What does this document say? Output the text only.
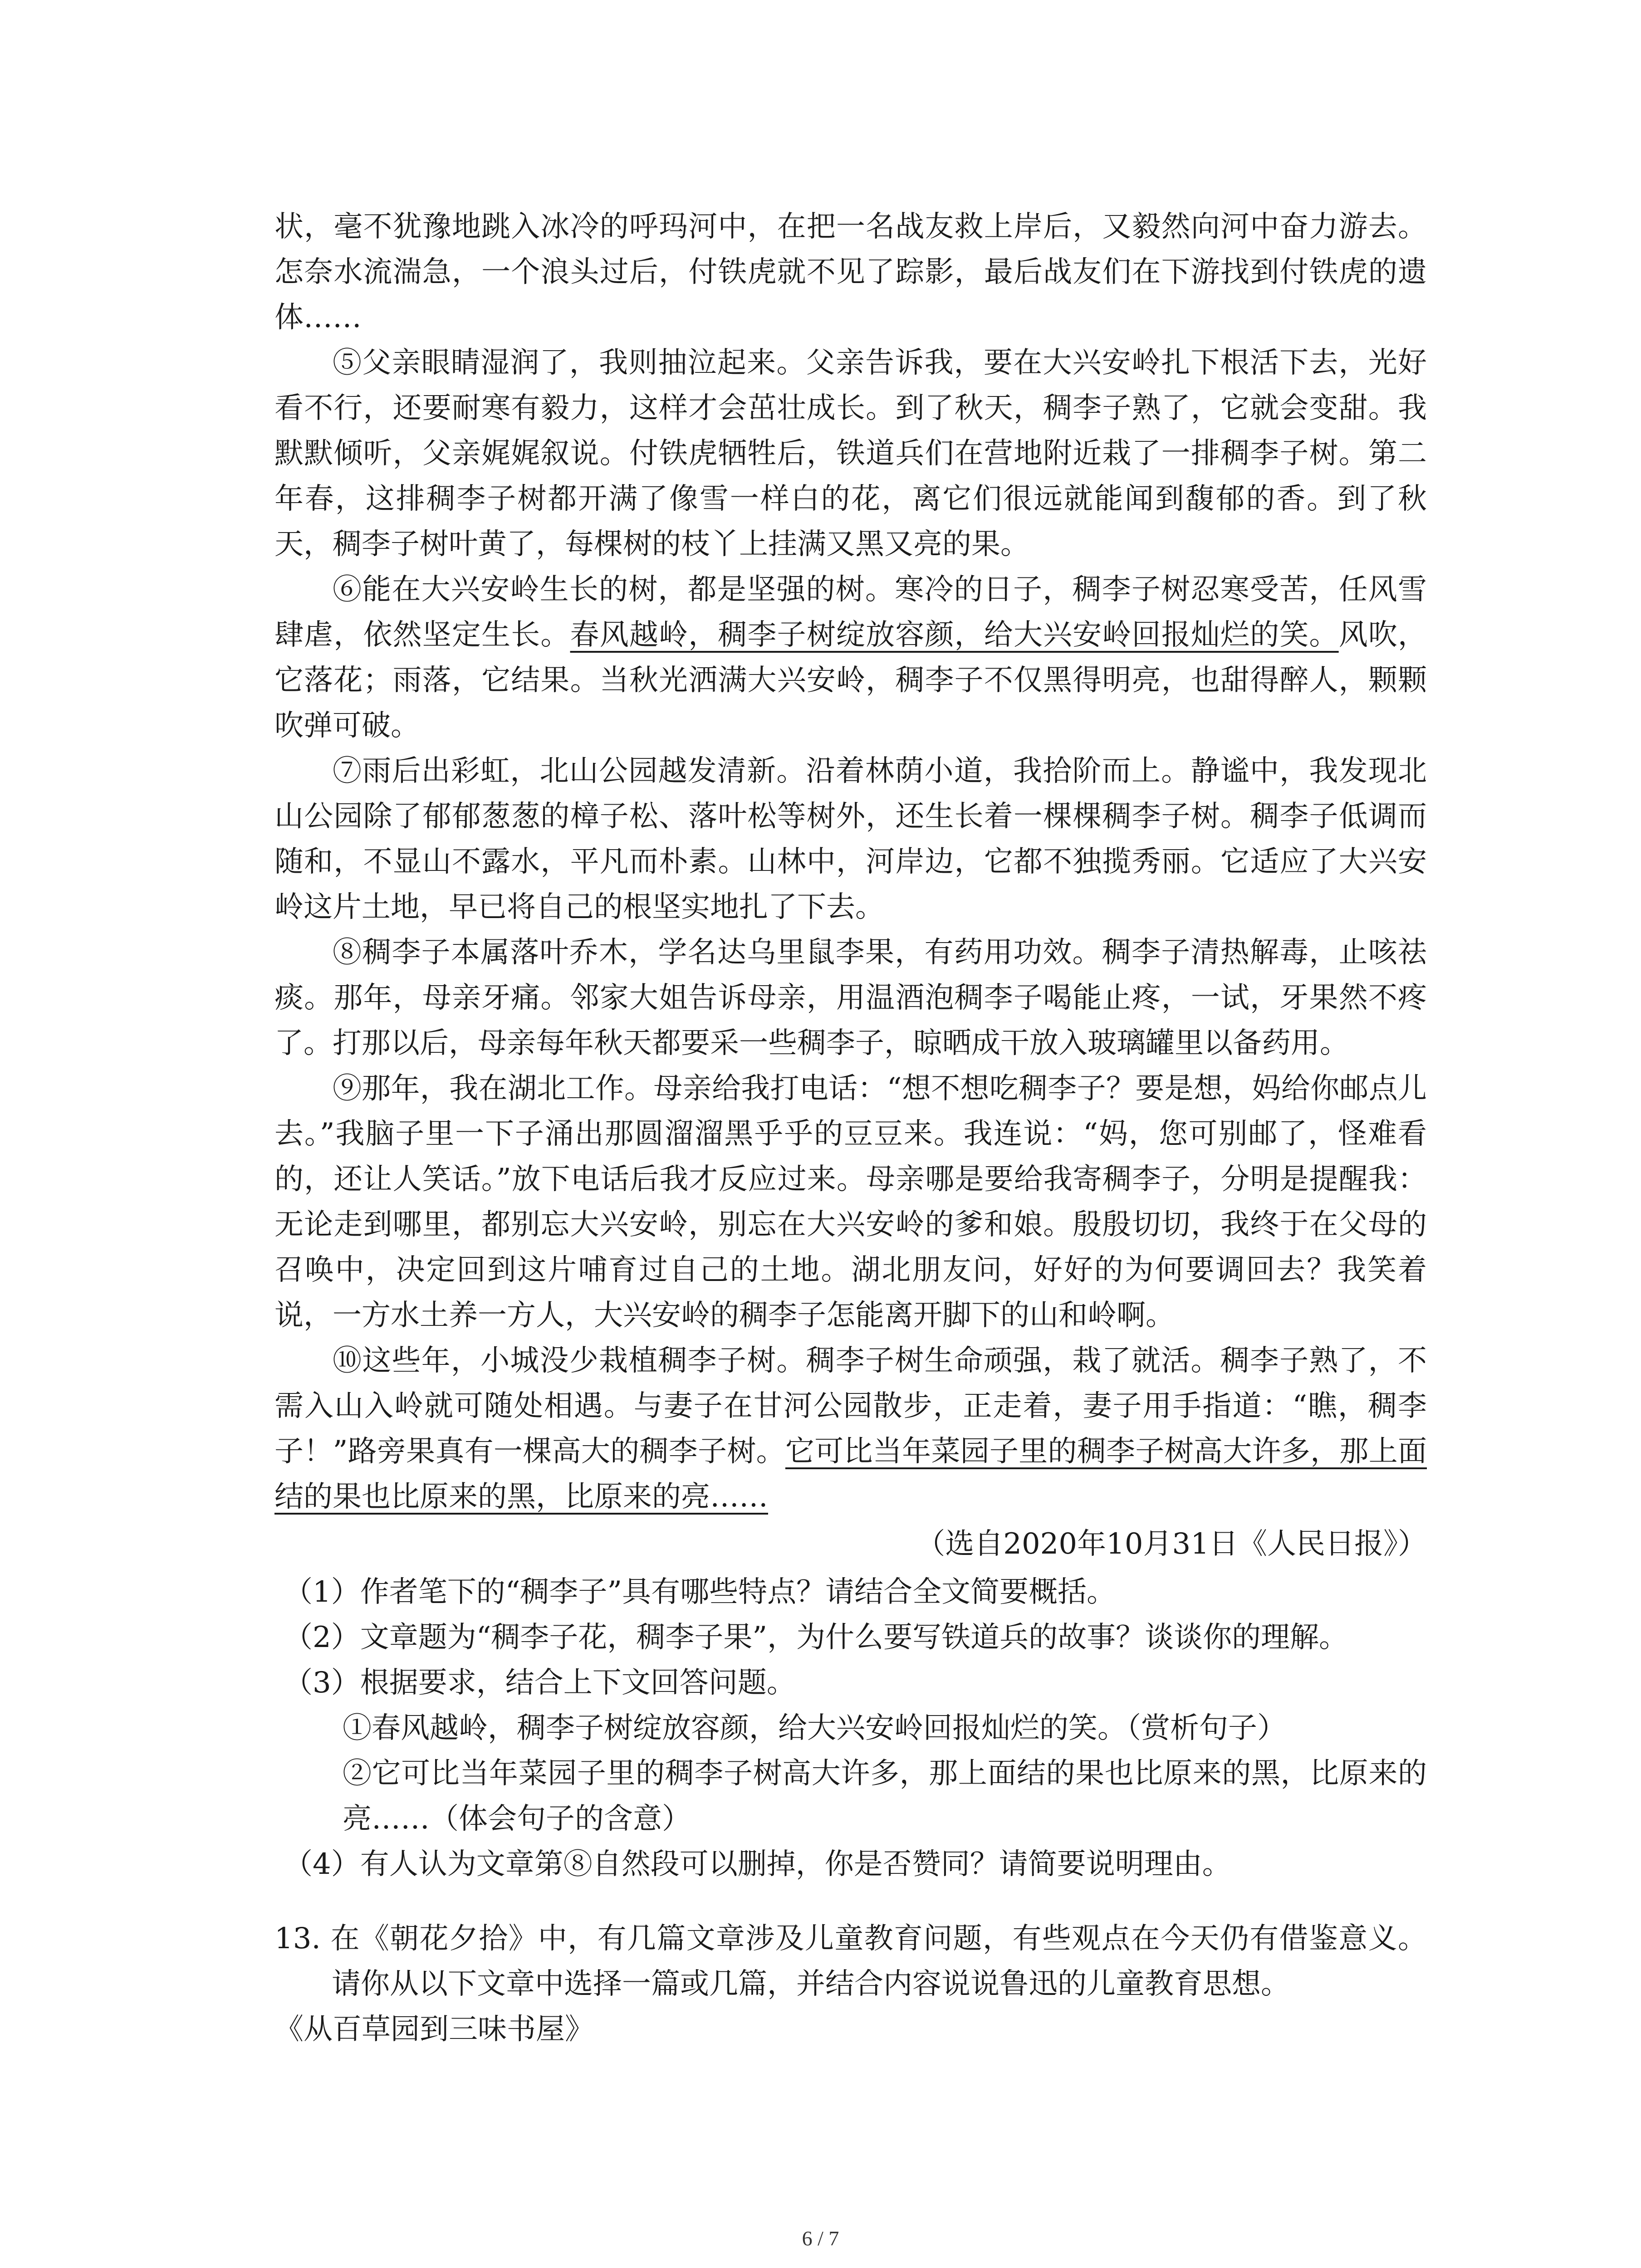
状，毫不犹豫地跳入冰冷的呼玛河中，在把一名战友救上岸后，又毅然向河中奋力游去。怎奈水流湍急，一个浪头过后，付铁虎就不见了踪影，最后战友们在下游找到付铁虎的遗体……

⑤父亲眼睛湿润了，我则抽泣起来。父亲告诉我，要在大兴安岭扎下根活下去，光好看不行，还要耐寒有毅力，这样才会茁壮成长。到了秋天，稠李子熟了，它就会变甜。我默默倾听，父亲娓娓叙说。付铁虎牺牲后，铁道兵们在营地附近栽了一排稠李子树。第二年春，这排稠李子树都开满了像雪一样白的花，离它们很远就能闻到馥郁的香。到了秋天，稠李子树叶黄了，每棵树的枝丫上挂满又黑又亮的果。

⑥能在大兴安岭生长的树，都是坚强的树。寒冷的日子，稠李子树忍寒受苦，任风雪肆虐，依然坚定生长。春风越岭，稠李子树绽放容颜，给大兴安岭回报灿烂的笑。风吹，它落花；雨落，它结果。当秋光洒满大兴安岭，稠李子不仅黑得明亮，也甜得醉人，颗颗吹弹可破。

⑦雨后出彩虹，北山公园越发清新。沿着林荫小道，我拾阶而上。静谧中，我发现北山公园除了郁郁葱葱的樟子松、落叶松等树外，还生长着一棵棵稠李子树。稠李子低调而随和，不显山不露水，平凡而朴素。山林中，河岸边，它都不独揽秀丽。它适应了大兴安岭这片土地，早已将自己的根坚实地扎了下去。

⑧稠李子本属落叶乔木，学名达乌里鼠李果，有药用功效。稠李子清热解毒，止咳祛痰。那年，母亲牙痛。邻家大姐告诉母亲，用温酒泡稠李子喝能止疼，一试，牙果然不疼了。打那以后，母亲每年秋天都要采一些稠李子，晾晒成干放入玻璃罐里以备药用。

⑨那年，我在湖北工作。母亲给我打电话：“想不想吃稠李子？要是想，妈给你邮点儿去。”我脑子里一下子涌出那圆溜溜黑乎乎的豆豆来。我连说：“妈，您可别邮了，怪难看的，还让人笑话。”放下电话后我才反应过来。母亲哪是要给我寄稠李子，分明是提醒我：无论走到哪里，都别忘大兴安岭，别忘在大兴安岭的爹和娘。殷殷切切，我终于在父母的召唤中，决定回到这片哺育过自己的土地。湖北朋友问，好好的为何要调回去？我笑着说，一方水土养一方人，大兴安岭的稠李子怎能离开脚下的山和岭啊。

⑩这些年，小城没少栽植稠李子树。稠李子树生命顽强，栽了就活。稠李子熟了，不需入山入岭就可随处相遇。与妻子在甘河公园散步，正走着，妻子用手指道：“瞧，稠李子！”路旁果真有一棵高大的稠李子树。它可比当年菜园子里的稠李子树高大许多，那上面结的果也比原来的黑，比原来的亮……

（选自2020年10月31日《人民日报》）

（1）作者笔下的“稠李子”具有哪些特点？请结合全文简要概括。

（2）文章题为“稠李子花，稠李子果”，为什么要写铁道兵的故事？谈谈你的理解。

（3）根据要求，结合上下文回答问题。

①春风越岭，稠李子树绽放容颜，给大兴安岭回报灿烂的笑。（赏析句子）

②它可比当年菜园子里的稠李子树高大许多，那上面结的果也比原来的黑，比原来的亮……（体会句子的含意）

（4）有人认为文章第⑧自然段可以删掉，你是否赞同？请简要说明理由。

13. 在《朝花夕拾》中，有几篇文章涉及儿童教育问题，有些观点在今天仍有借鉴意义。请你从以下文章中选择一篇或几篇，并结合内容说说鲁迅的儿童教育思想。

《从百草园到三味书屋》

6 / 7
